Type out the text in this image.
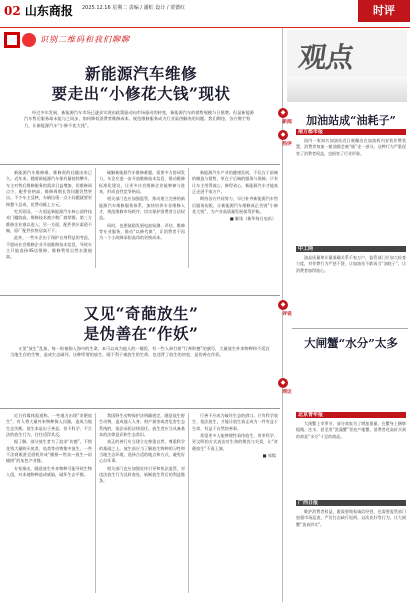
02 山东商报 2025.12.16 星期二 责编 / 潘虹 设计 / 贾德红	时评
识别二维码和我们聊聊
新能源汽车维修
要走出“小修花大钱”现状
经过多年发展，新能源汽车市场已逐步实现由政策驱动向市场驱动的转变，新能源汽车的销售规模与日俱增。但是新能源汽车售后服务却未能与之同步，如何降低消费者维修成本、规范维修服务成为行业亟待解决的问题。我们期待，各方携手努力，让新能源汽车“小修不花大钱”。

新能源汽车维修难、维修贵的问题由来已久。近年来，随着新能源汽车保有量持续攀升，车主对售后维修服务的需求日益增加，但维修网点少、配件价格高、维修周期长等问题仍然突出。不少车主反映，车辆出现一点小问题就要更换整个总成，花费动辄上万元。

究其原因，一方面是新能源汽车核心部件技术门槛较高，维修技术被少数厂商掌握，第三方维修企业难以进入；另一方面，配件供应渠道不畅，原厂配件价格居高不下。

此外，一些车企出于保护自身利益的考虑，不愿向社会维修企业开放维修技术信息，导致车主只能选择4S店维修，维修费用自然水涨船高。

破解新能源汽车维修难题，需要多方协同发力。车企应进一步开放维修技术信息，推动维修标准化建设，让更多社会维修企业能够参与进来，形成良性竞争格局。

相关部门也应加强监管，推动建立完善的新能源汽车维修服务体系，加快培养专业维修人才，规范维修市场秩序，切实保护消费者合法权益。

同时，也要鼓励发展电池检测、评估、维修等专业服务，推动“以修代换”，让消费者不再为一个小故障承担高昂的更换成本。

新能源汽车产业的健康发展，不仅在于前端的制造与销售，更在于后端的服务与保障。只有让车主用得放心、修得省心，新能源汽车才能真正走进千家万户。

期待各方共同努力，早日补齐新能源汽车售后服务短板，让新能源汽车维修真正告别“小修花大钱”，为产业高质量发展保驾护航。

■ 解读（新华每日电讯）
又见“奇葩放生”
是伪善在“作妖”
又见“放生”乱象，每一粒被倒入海中的生命，本可以成为他人的一餐饭，有一些人却打着“行善积德”的旗号，大量放生外来物种和不适宜当地生存的生物，造成生态破坏。这种所谓的放生，既不利于被放生的生命，也违背了放生的初衷，是伪善在作妖。

近日有媒体报道称，一些地方出现“奇葩放生”，有人将大量外来物种倒入河湖，造成当地生态失衡。放生本是出于善意，但不科学、不合法的放生行为，往往适得其反。

据了解，部分放生者为了追求“功德”，不惜花钱大量购买鱼类、龟类等动物集中放生，一些不法商贩甚至借机形成“捕捞—售卖—放生—再捕捞”的灰色产业链。

专家指出，随意放生外来物种可能导致生物入侵，对本地物种造成威胁，破坏生态平衡。

我国野生动物保护法明确规定，随意放生野生动物，造成他人人身、财产损害或者危害生态系统的，依法承担法律责任。放生者应当具备基本的法律意识和生态常识。

真正的善行应当建立在尊重自然、尊重科学的基础之上。放生前应当了解放生物种的习性和当地生态环境，选择合适的地点和方式，避免好心办坏事。

相关部门也应加强宣传引导和执法监管，对违法放生行为及时查处，斩断放生背后的利益链条。

行善不应成为破坏生态的借口。只有科学放生、依法放生，才能让放生真正成为一件有益于生命、有益于自然的善事。

希望更多人能够理性看待放生，用更科学、更文明的方式表达对生命的敬畏与关爱，让“奇葩放生”不再上演。

■ 邹嫣
观点
◆
新闻
◆
热评
加油站成“油耗子”
南方都市报

国内一家知名加油站近日被曝出在加油机内安装作弊装置，消费者每加一箱油都会被“偷”走一部分。这种行为严重侵害了消费者权益，也损害了行业形象。

中工网

油品质量和计量准确关系千家万户，监管部门应加大检查力度，对作弊行为严惩不贷，让加油站不敢再当“油耗子”，让消费者加得放心。

◆
评说
◆
网议
大闸蟹“水分”太多
北京青年报

大闸蟹上市季节，部分商家为了增加重量，在蟹身上捆绑粗绳、注水，甚至用“洗澡蟹”冒充产地蟹，消费者花高价买到的却是“水分”十足的商品。

广西日报

维护消费者权益，既需要商家诚信经营，也需要监管部门加强市场巡查，严厉打击缺斤短两、以次充好等行为，让大闸蟹“货真价实”。
